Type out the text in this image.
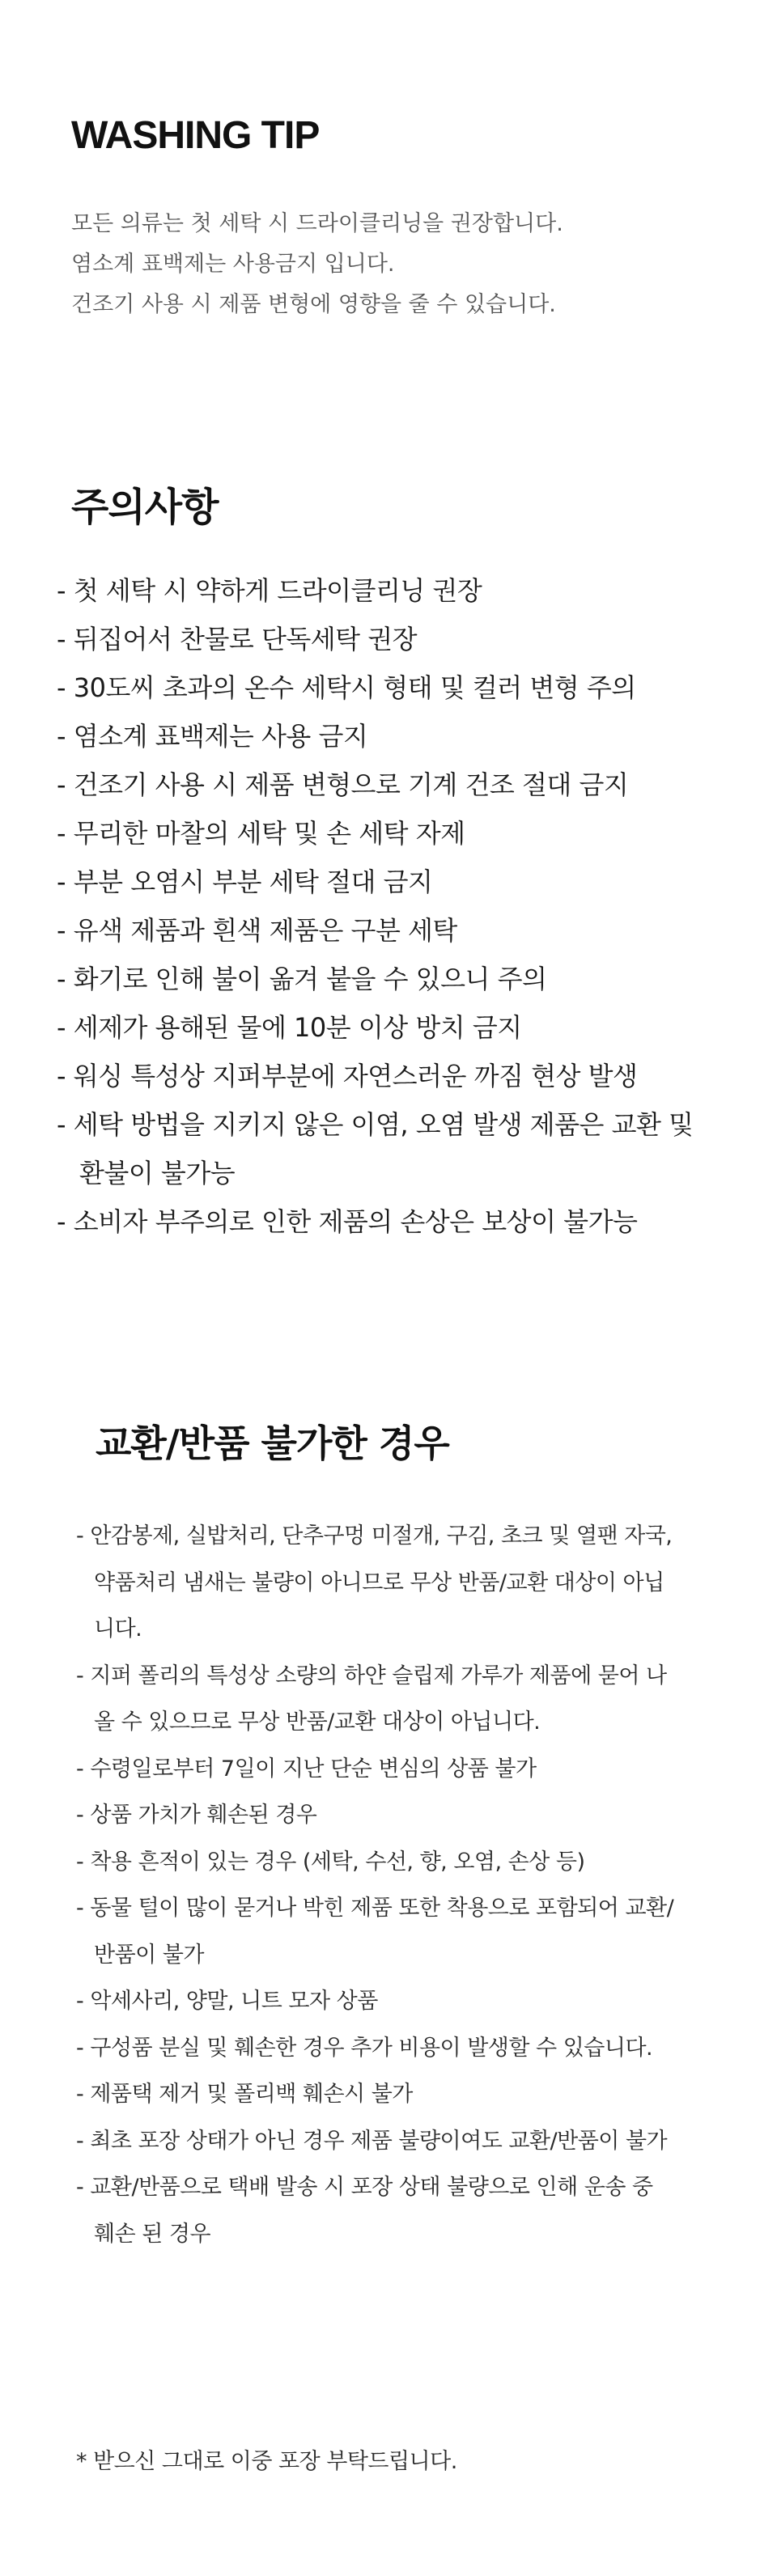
WASHING TIP
모든 의류는 첫 세탁 시 드라이클리닝을 권장합니다.
염소계 표백제는 사용금지 입니다.
건조기 사용 시 제품 변형에 영향을 줄 수 있습니다.
주의사항
- 첫 세탁 시 약하게 드라이클리닝 권장
- 뒤집어서 찬물로 단독세탁 권장
- 30도씨 초과의 온수 세탁시 형태 및 컬러 변형 주의
- 염소계 표백제는 사용 금지
- 건조기 사용 시 제품 변형으로 기계 건조 절대 금지
- 무리한 마찰의 세탁 및 손 세탁 자제
- 부분 오염시 부분 세탁 절대 금지
- 유색 제품과 흰색 제품은 구분 세탁
- 화기로 인해 불이 옮겨 붙을 수 있으니 주의
- 세제가 용해된 물에 10분 이상 방치 금지
- 워싱 특성상 지퍼부분에 자연스러운 까짐 현상 발생
- 세탁 방법을 지키지 않은 이염, 오염 발생 제품은 교환 및 환불이 불가능
- 소비자 부주의로 인한 제품의 손상은 보상이 불가능
교환/반품 불가한 경우
- 안감봉제, 실밥처리, 단추구멍 미절개, 구김, 초크 및 열팬 자국, 약품처리 냄새는 불량이 아니므로 무상 반품/교환 대상이 아닙니다.
- 지퍼 폴리의 특성상 소량의 하얀 슬립제 가루가 제품에 묻어 나올 수 있으므로 무상 반품/교환 대상이 아닙니다.
- 수령일로부터 7일이 지난 단순 변심의 상품 불가
- 상품 가치가 훼손된 경우
- 착용 흔적이 있는 경우 (세탁, 수선, 향, 오염, 손상 등)
- 동물 털이 많이 묻거나 박힌 제품 또한 착용으로 포함되어 교환/반품이 불가
- 악세사리, 양말, 니트 모자 상품
- 구성품 분실 및 훼손한 경우 추가 비용이 발생할 수 있습니다.
- 제품택 제거 및 폴리백 훼손시 불가
- 최초 포장 상태가 아닌 경우 제품 불량이여도 교환/반품이 불가
- 교환/반품으로 택배 발송 시 포장 상태 불량으로 인해 운송 중 훼손 된 경우

* 받으신 그대로 이중 포장 부탁드립니다.
